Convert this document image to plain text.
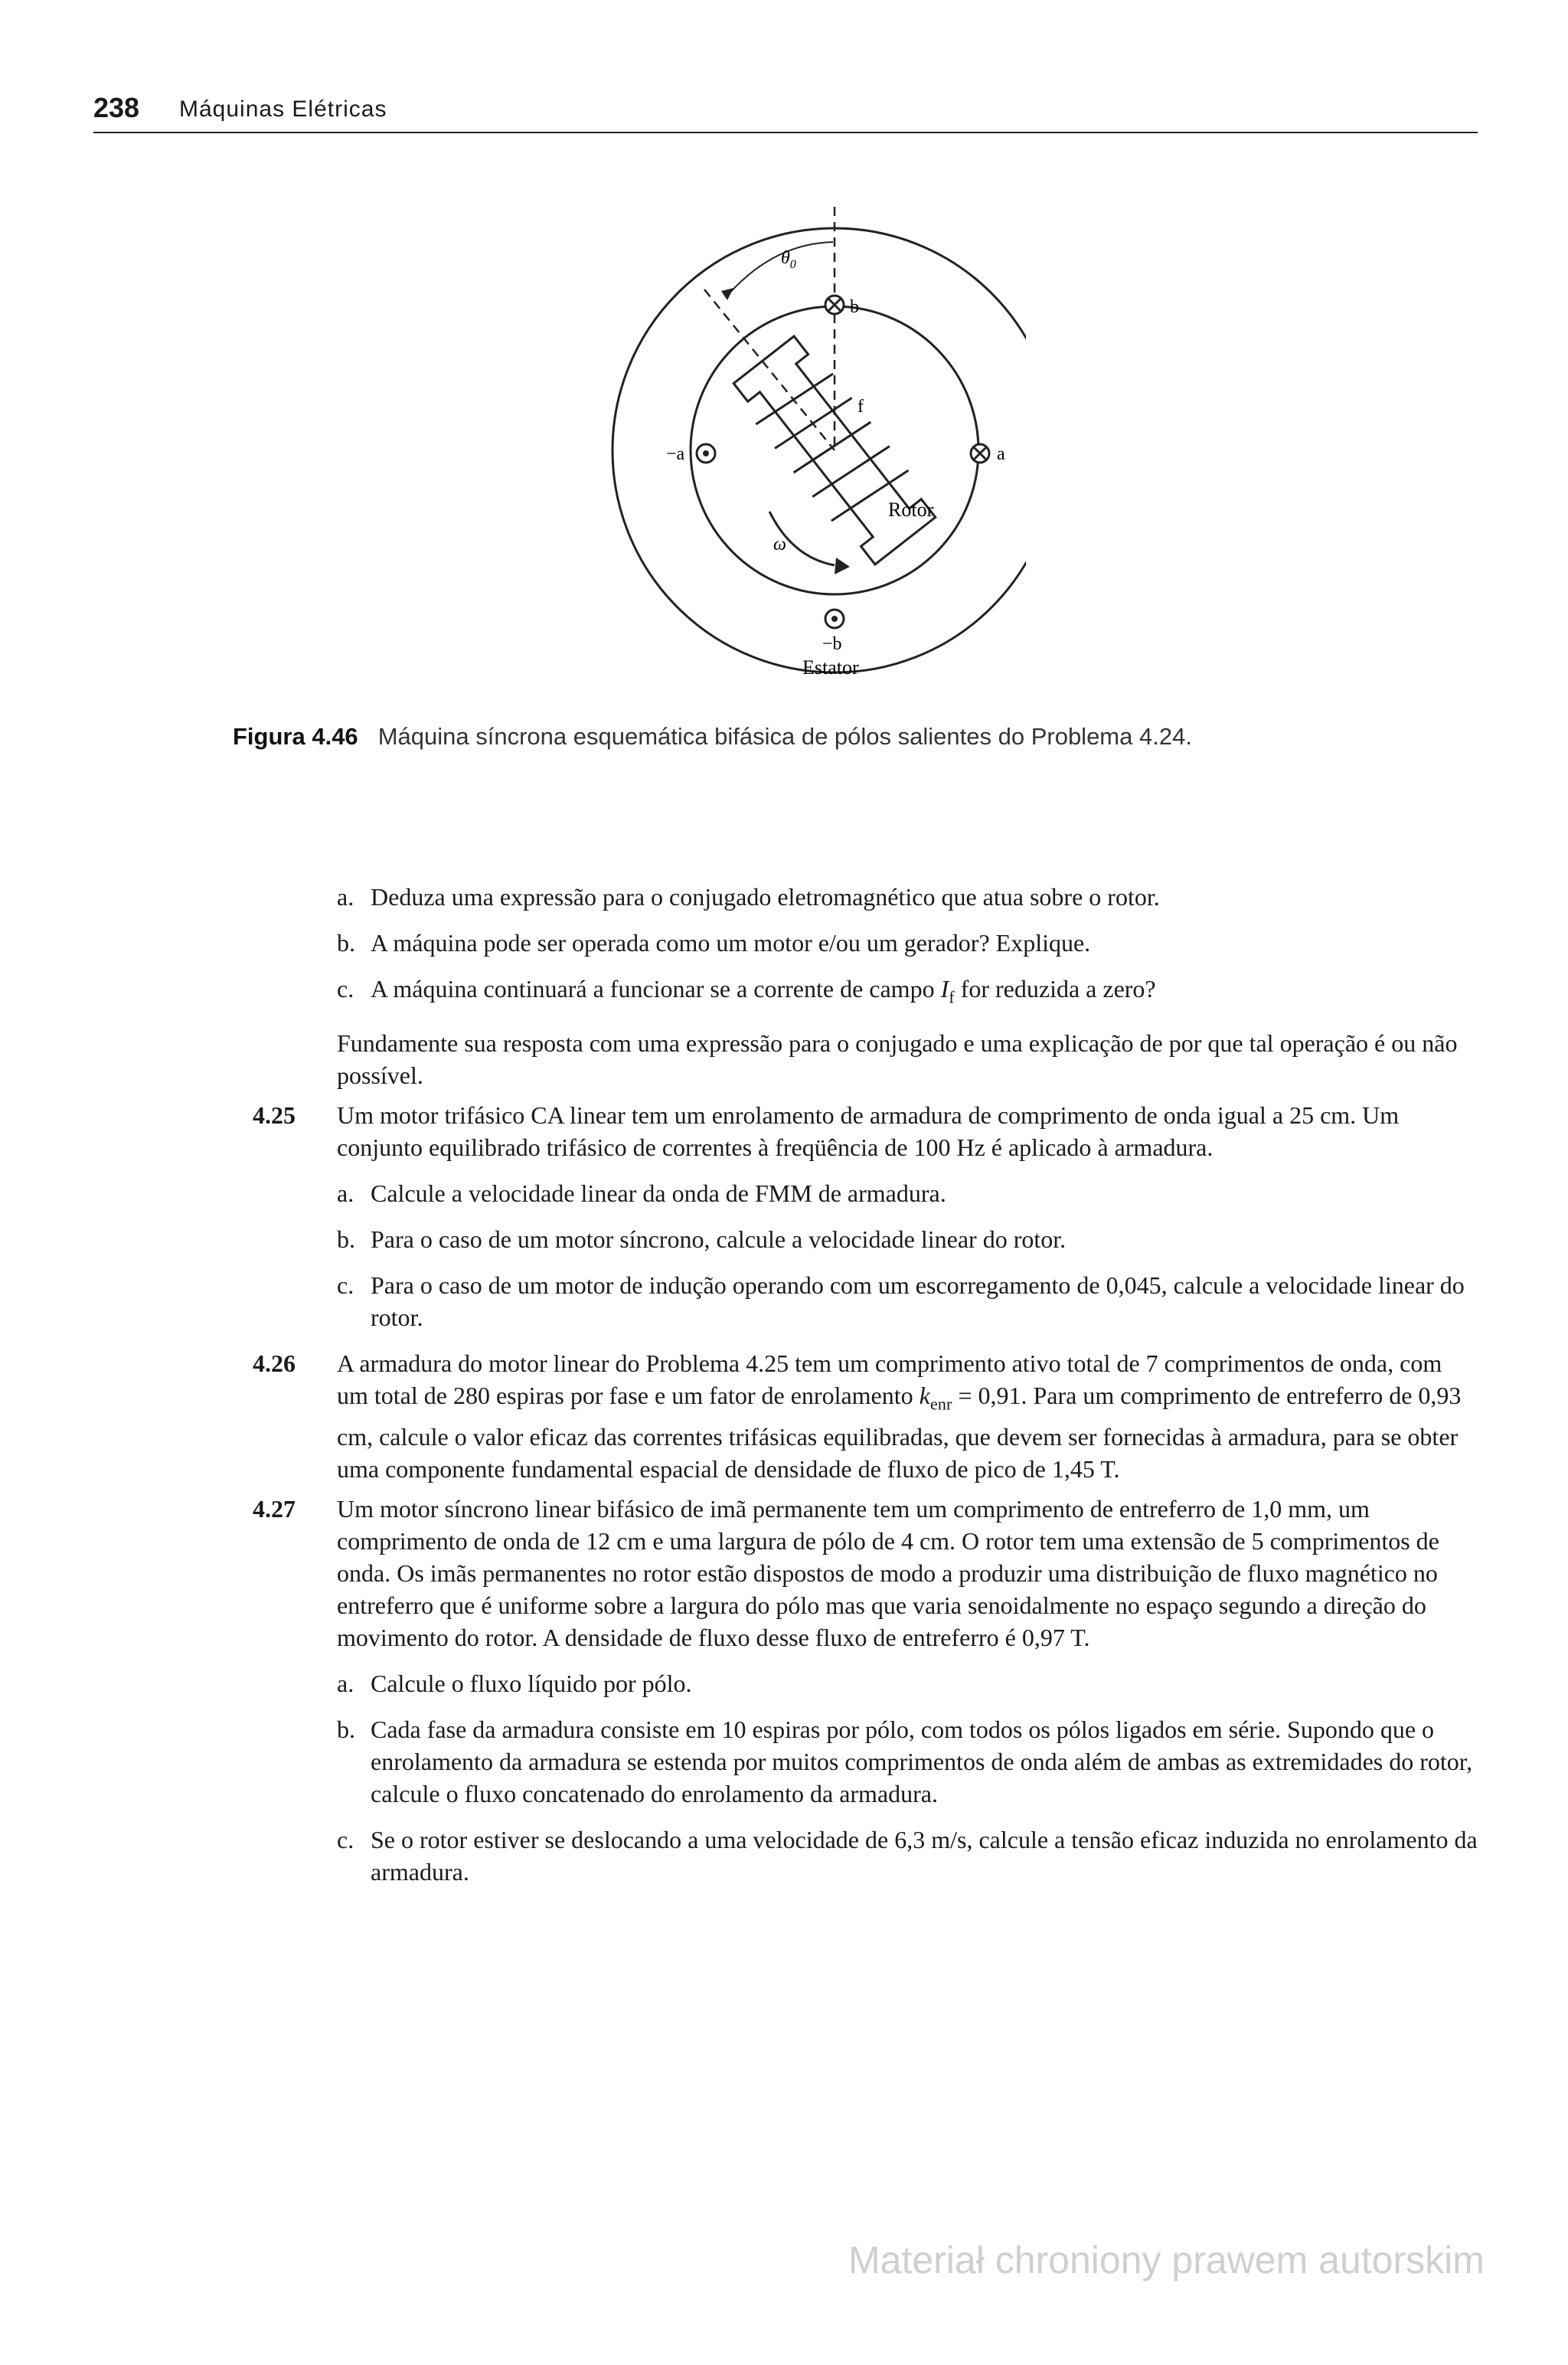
238 Máquinas Elétricas
$\theta_0$
ω
b
f
−a	a
Rotor
−b
Estator
Figura 4.46 Máquina síncrona esquemática bifásica de pólos salientes do Problema 4.24.
a. Deduza uma expressão para o conjugado eletromagnético que atua sobre o rotor.
b. A máquina pode ser operada como um motor e/ou um gerador? Explique.
c. A máquina continuará a funcionar se a corrente de campo $I_f$ for reduzida a zero?
Fundamente sua resposta com uma expressão para o conjugado e uma explicação de por que tal operação é ou não possível.
4.25 Um motor trifásico CA linear tem um enrolamento de armadura de comprimento de onda igual a 25 cm. Um conjunto equilibrado trifásico de correntes à freqüência de 100 Hz é aplicado à armadura.
a. Calcule a velocidade linear da onda de FMM de armadura.
b. Para o caso de um motor síncrono, calcule a velocidade linear do rotor.
c. Para o caso de um motor de indução operando com um escorregamento de 0,045, calcule a velocidade linear do rotor.
4.26 A armadura do motor linear do Problema 4.25 tem um comprimento ativo total de 7 comprimentos de onda, com um total de 280 espiras por fase e um fator de enrolamento $k_{enr} = 0,91$. Para um comprimento de entreferro de 0,93 cm, calcule o valor eficaz das correntes trifásicas equilibradas, que devem ser fornecidas à armadura, para se obter uma componente fundamental espacial de densidade de fluxo de pico de 1,45 T.
4.27 Um motor síncrono linear bifásico de imã permanente tem um comprimento de entreferro de 1,0 mm, um comprimento de onda de 12 cm e uma largura de pólo de 4 cm. O rotor tem uma extensão de 5 comprimentos de onda. Os imãs permanentes no rotor estão dispostos de modo a produzir uma distribuição de fluxo magnético no entreferro que é uniforme sobre a largura do pólo mas que varia senoidalmente no espaço segundo a direção do movimento do rotor. A densidade de fluxo desse fluxo de entreferro é 0,97 T.
a. Calcule o fluxo líquido por pólo.
b. Cada fase da armadura consiste em 10 espiras por pólo, com todos os pólos ligados em série. Supondo que o enrolamento da armadura se estenda por muitos comprimentos de onda além de ambas as extremidades do rotor, calcule o fluxo concatenado do enrolamento da armadura.
c. Se o rotor estiver se deslocando a uma velocidade de 6,3 m/s, calcule a tensão eficaz induzida no enrolamento da armadura.
Materiał chroniony prawem autorskim
